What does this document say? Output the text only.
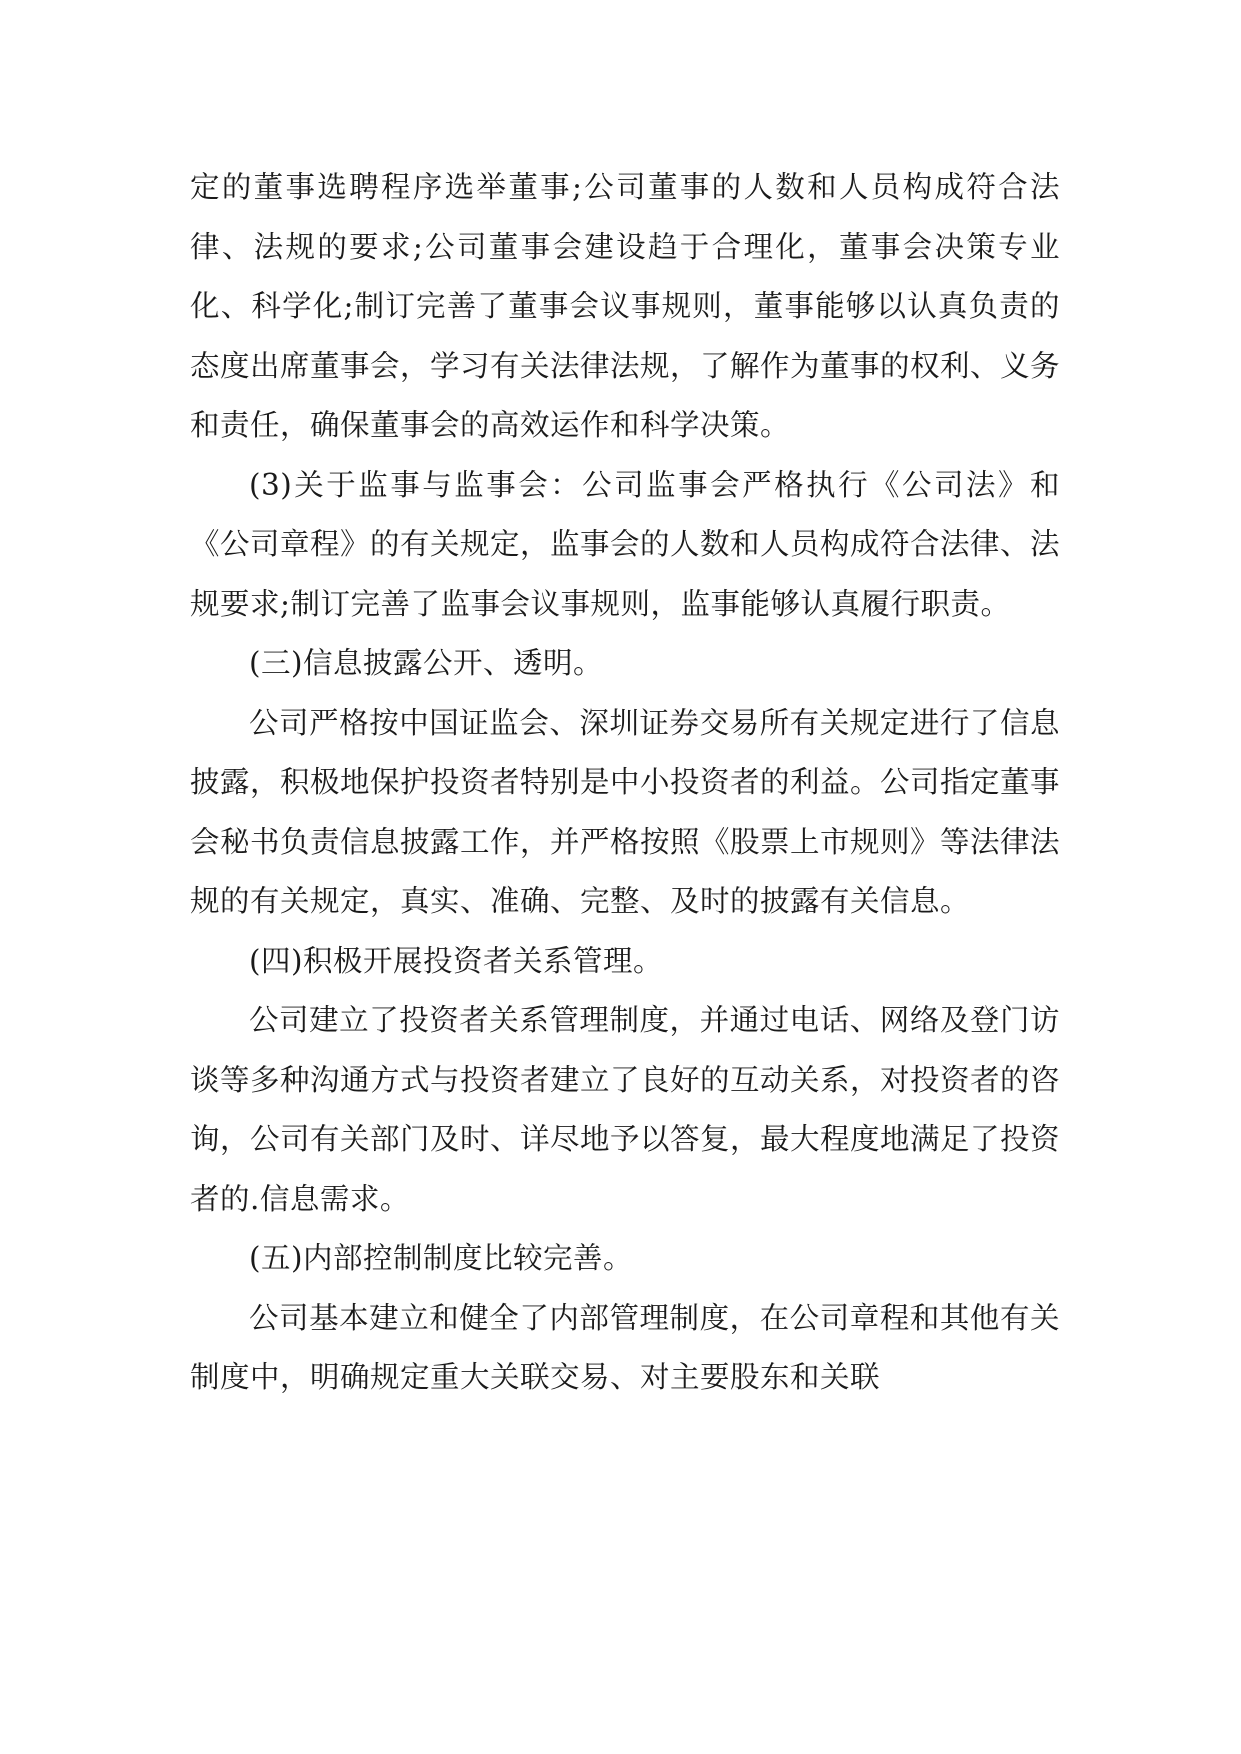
定的董事选聘程序选举董事;公司董事的人数和人员构成符合法律、法规的要求;公司董事会建设趋于合理化，董事会决策专业化、科学化;制订完善了董事会议事规则，董事能够以认真负责的态度出席董事会，学习有关法律法规，了解作为董事的权利、义务和责任，确保董事会的高效运作和科学决策。

(3)关于监事与监事会：公司监事会严格执行《公司法》和《公司章程》的有关规定，监事会的人数和人员构成符合法律、法规要求;制订完善了监事会议事规则，监事能够认真履行职责。

(三)信息披露公开、透明。

公司严格按中国证监会、深圳证券交易所有关规定进行了信息披露，积极地保护投资者特别是中小投资者的利益。公司指定董事会秘书负责信息披露工作，并严格按照《股票上市规则》等法律法规的有关规定，真实、准确、完整、及时的披露有关信息。

(四)积极开展投资者关系管理。

公司建立了投资者关系管理制度，并通过电话、网络及登门访谈等多种沟通方式与投资者建立了良好的互动关系，对投资者的咨询，公司有关部门及时、详尽地予以答复，最大程度地满足了投资者的.信息需求。

(五)内部控制制度比较完善。

公司基本建立和健全了内部管理制度，在公司章程和其他有关制度中，明确规定重大关联交易、对主要股东和关联
